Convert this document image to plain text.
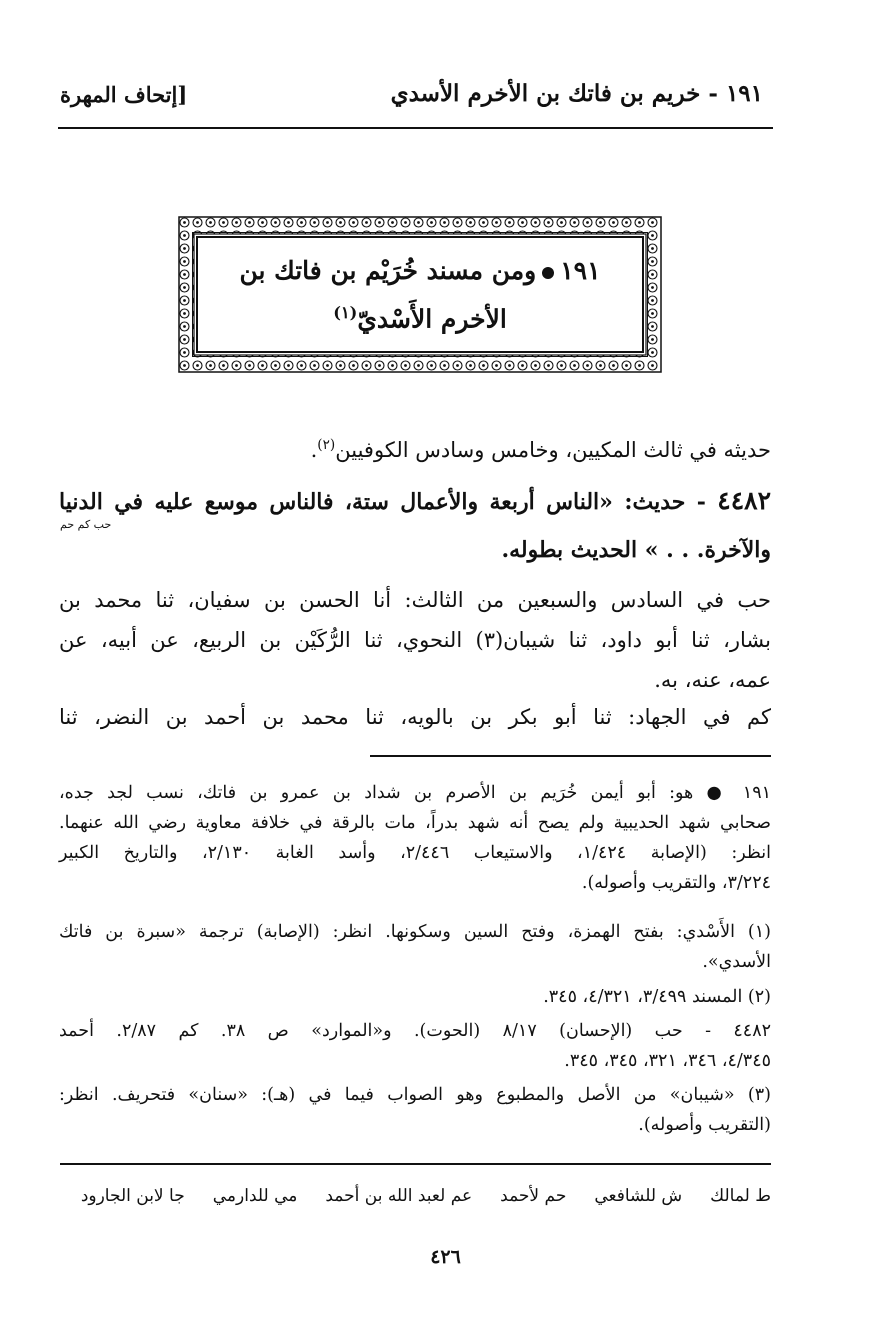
١٩١ - خريم بن فاتك بن الأخرم الأسدي
[إتحاف المهرة
١٩١ومن مسند خُرَيْم بن فاتك بن
الأخرم الأَسْديّ$^{(١)}$
حديثه في ثالث المكيين، وخامس وسادس الكوفيين$^{(٢)}$.
٤٤٨٢ - حديث: «الناس أربعة والأعمال ستة، فالناس موسع عليه في الدنيا
حب كم حم
والآخرة. . . » الحديث بطوله.
حب في السادس والسبعين من الثالث: أنا الحسن بن سفيان، ثنا محمد بن
بشار، ثنا أبو داود، ثنا شيبان(٣) النحوي، ثنا الرُّكَيْن بن الربيع، عن أبيه، عن
عمه، عنه، به.
كم في الجهاد: ثنا أبو بكر بن بالويه، ثنا محمد بن أحمد بن النضر، ثنا
١٩١ ● هو: أبو أيمن خُرَيم بن الأصرم بن شداد بن عمرو بن فاتك، نسب لجد جده،
صحابي شهد الحديبية ولم يصح أنه شهد بدراً، مات بالرقة في خلافة معاوية رضي الله عنهما.
انظر: (الإصابة ١/٤٢٤، والاستيعاب ٢/٤٤٦، وأسد الغابة ٢/١٣٠، والتاريخ الكبير
٣/٢٢٤، والتقريب وأصوله).
(١) الأَسْدي: بفتح الهمزة، وفتح السين وسكونها. انظر: (الإصابة) ترجمة «سبرة بن فاتك
الأسدي».
(٢) المسند ٣/٤٩٩، ٤/٣٢١، ٣٤٥.
٤٤٨٢ - حب (الإحسان) ٨/١٧ (الحوت). و«الموارد» ص ٣٨. كم ٢/٨٧. أحمد
٤/٣٤٥، ٣٤٦، ٣٢١، ٣٤٥، ٣٤٥.
(٣) «شيبان» من الأصل والمطبوع وهو الصواب فيما في (هـ): «سنان» فتحريف. انظر:
(التقريب وأصوله).
ط لمالك
ش للشافعي
حم لأحمد
عم لعبد الله بن أحمد
مي للدارمي
جا لابن الجارود
٤٢٦
